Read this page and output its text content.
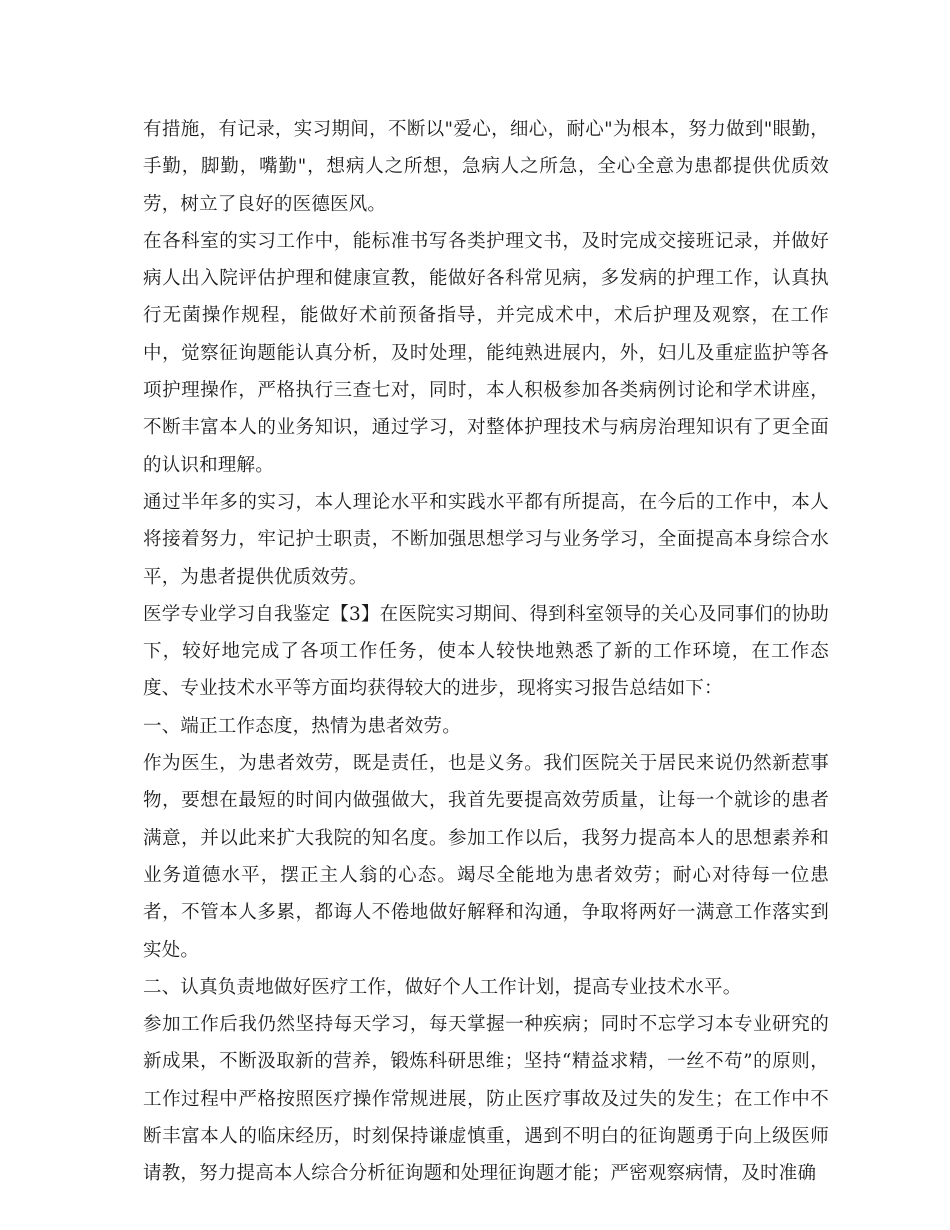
有措施，有记录，实习期间，不断以"爱心，细心，耐心"为根本，努力做到"眼勤，手勤，脚勤，嘴勤"，想病人之所想，急病人之所急，全心全意为患都提供优质效劳，树立了良好的医德医风。

在各科室的实习工作中，能标准书写各类护理文书，及时完成交接班记录，并做好病人出入院评估护理和健康宣教，能做好各科常见病，多发病的护理工作，认真执行无菌操作规程，能做好术前预备指导，并完成术中，术后护理及观察，在工作中，觉察征询题能认真分析，及时处理，能纯熟进展内，外，妇儿及重症监护等各项护理操作，严格执行三查七对，同时，本人积极参加各类病例讨论和学术讲座，不断丰富本人的业务知识，通过学习，对整体护理技术与病房治理知识有了更全面的认识和理解。

通过半年多的实习，本人理论水平和实践水平都有所提高，在今后的工作中，本人将接着努力，牢记护士职责，不断加强思想学习与业务学习，全面提高本身综合水平，为患者提供优质效劳。

医学专业学习自我鉴定【3】在医院实习期间、得到科室领导的关心及同事们的协助下，较好地完成了各项工作任务，使本人较快地熟悉了新的工作环境，在工作态度、专业技术水平等方面均获得较大的进步，现将实习报告总结如下：

一、端正工作态度，热情为患者效劳。

作为医生，为患者效劳，既是责任，也是义务。我们医院关于居民来说仍然新惹事物，要想在最短的时间内做强做大，我首先要提高效劳质量，让每一个就诊的患者满意，并以此来扩大我院的知名度。参加工作以后，我努力提高本人的思想素养和业务道德水平，摆正主人翁的心态。竭尽全能地为患者效劳；耐心对待每一位患者，不管本人多累，都诲人不倦地做好解释和沟通，争取将两好一满意工作落实到实处。

二、认真负责地做好医疗工作，做好个人工作计划，提高专业技术水平。

参加工作后我仍然坚持每天学习，每天掌握一种疾病；同时不忘学习本专业研究的新成果，不断汲取新的营养，锻炼科研思维；坚持“精益求精，一丝不苟”的原则，工作过程中严格按照医疗操作常规进展，防止医疗事故及过失的发生；在工作中不断丰富本人的临床经历，时刻保持谦虚慎重，遇到不明白的征询题勇于向上级医师请教，努力提高本人综合分析征询题和处理征询题才能；严密观察病情，及时准确
